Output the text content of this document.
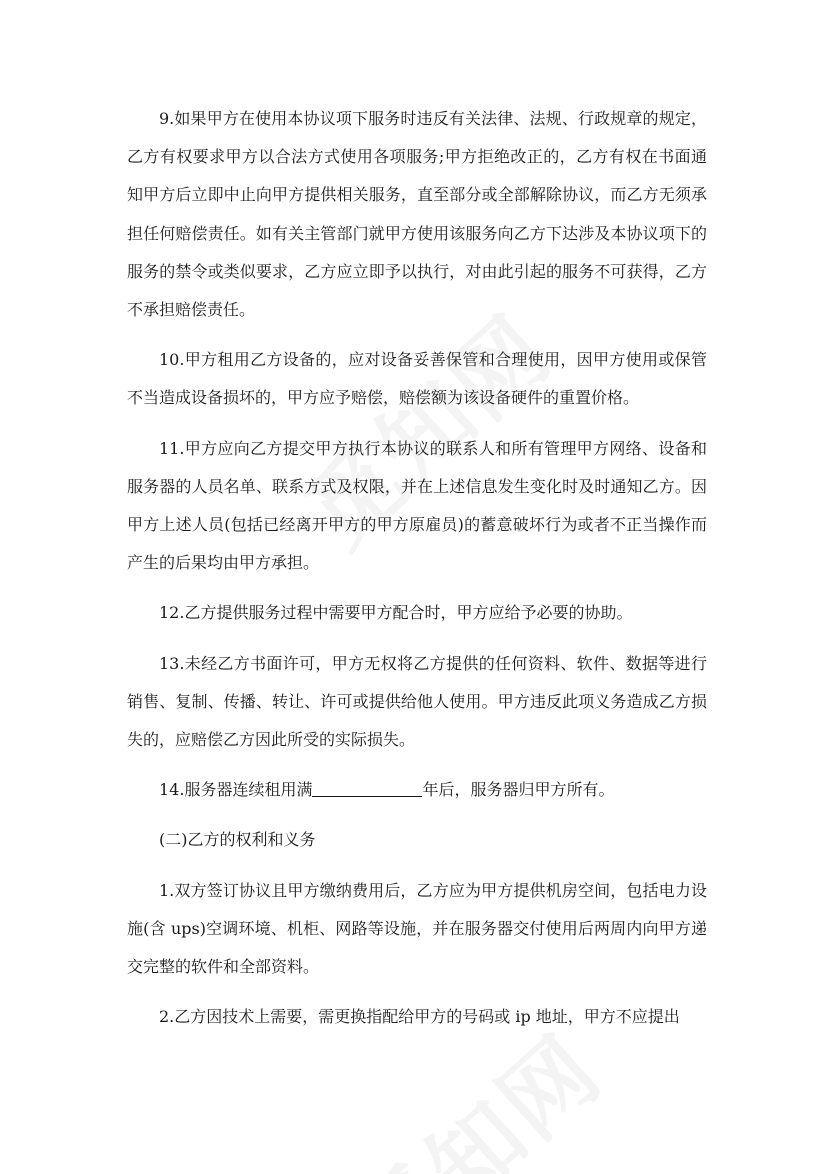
9.如果甲方在使用本协议项下服务时违反有关法律、法规、行政规章的规定，乙方有权要求甲方以合法方式使用各项服务;甲方拒绝改正的，乙方有权在书面通知甲方后立即中止向甲方提供相关服务，直至部分或全部解除协议，而乙方无须承担任何赔偿责任。如有关主管部门就甲方使用该服务向乙方下达涉及本协议项下的服务的禁令或类似要求，乙方应立即予以执行，对由此引起的服务不可获得，乙方不承担赔偿责任。

10.甲方租用乙方设备的，应对设备妥善保管和合理使用，因甲方使用或保管不当造成设备损坏的，甲方应予赔偿，赔偿额为该设备硬件的重置价格。

11.甲方应向乙方提交甲方执行本协议的联系人和所有管理甲方网络、设备和服务器的人员名单、联系方式及权限，并在上述信息发生变化时及时通知乙方。因甲方上述人员(包括已经离开甲方的甲方原雇员)的蓄意破坏行为或者不正当操作而产生的后果均由甲方承担。

12.乙方提供服务过程中需要甲方配合时，甲方应给予必要的协助。

13.未经乙方书面许可，甲方无权将乙方提供的任何资料、软件、数据等进行销售、复制、传播、转让、许可或提供给他人使用。甲方违反此项义务造成乙方损失的，应赔偿乙方因此所受的实际损失。

14.服务器连续租用满	年后，服务器归甲方所有。

(二)乙方的权利和义务

1.双方签订协议且甲方缴纳费用后，乙方应为甲方提供机房空间，包括电力设施(含 ups)空调环境、机柜、网路等设施，并在服务器交付使用后两周内向甲方递交完整的软件和全部资料。

2.乙方因技术上需要，需更换指配给甲方的号码或 ip 地址，甲方不应提出
